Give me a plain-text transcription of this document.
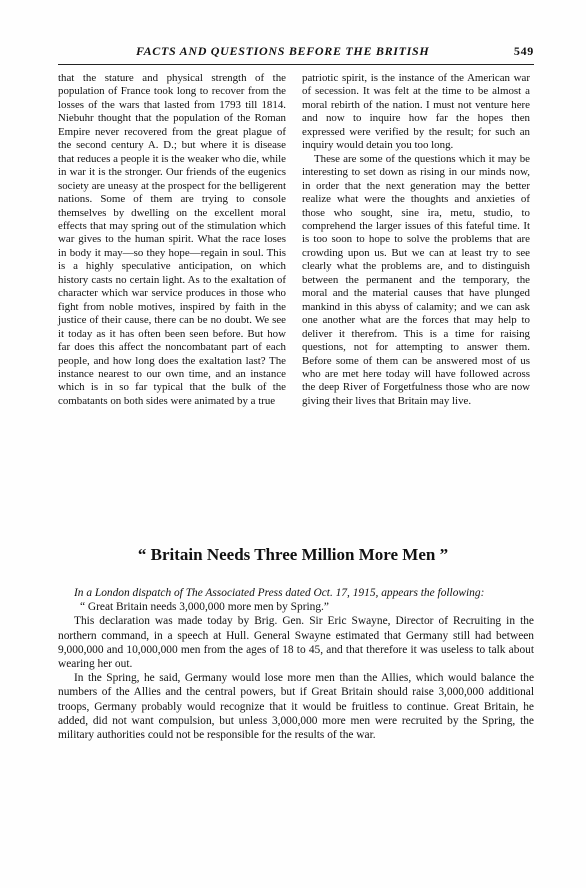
FACTS AND QUESTIONS BEFORE THE BRITISH	549

that the stature and physical strength of the population of France took long to recover from the losses of the wars that lasted from 1793 till 1814. Niebuhr thought that the population of the Roman Empire never recovered from the great plague of the second century A. D.; but where it is disease that reduces a people it is the weaker who die, while in war it is the stronger. Our friends of the eugenics society are uneasy at the prospect for the belligerent nations. Some of them are trying to console themselves by dwelling on the excellent moral effects that may spring out of the stimulation which war gives to the human spirit. What the race loses in body it may—so they hope—regain in soul. This is a highly speculative anticipation, on which history casts no certain light. As to the exaltation of character which war service produces in those who fight from noble motives, inspired by faith in the justice of their cause, there can be no doubt. We see it today as it has often been seen before. But how far does this affect the noncombatant part of each people, and how long does the exaltation last? The instance nearest to our own time, and an instance which is in so far typical that the bulk of the combatants on both sides were animated by a true

patriotic spirit, is the instance of the American war of secession. It was felt at the time to be almost a moral rebirth of the nation. I must not venture here and now to inquire how far the hopes then expressed were verified by the result; for such an inquiry would detain you too long.

These are some of the questions which it may be interesting to set down as rising in our minds now, in order that the next generation may the better realize what were the thoughts and anxieties of those who sought, sine ira, metu, studio, to comprehend the larger issues of this fateful time. It is too soon to hope to solve the problems that are crowding upon us. But we can at least try to see clearly what the problems are, and to distinguish between the permanent and the temporary, the moral and the material causes that have plunged mankind in this abyss of calamity; and we can ask one another what are the forces that may help to deliver it therefrom. This is a time for raising questions, not for attempting to answer them. Before some of them can be answered most of us who are met here today will have followed across the deep River of Forgetfulness those who are now giving their lives that Britain may live.

“ Britain Needs Three Million More Men ”

In a London dispatch of The Associated Press dated Oct. 17, 1915, appears the following:

“ Great Britain needs 3,000,000 more men by Spring.”

This declaration was made today by Brig. Gen. Sir Eric Swayne, Director of Recruiting in the northern command, in a speech at Hull. General Swayne estimated that Germany still had between 9,000,000 and 10,000,000 men from the ages of 18 to 45, and that therefore it was useless to talk about wearing her out.

In the Spring, he said, Germany would lose more men than the Allies, which would balance the numbers of the Allies and the central powers, but if Great Britain should raise 3,000,000 additional troops, Germany probably would recognize that it would be fruitless to continue. Great Britain, he added, did not want compulsion, but unless 3,000,000 more men were recruited by the Spring, the military authorities could not be responsible for the results of the war.
